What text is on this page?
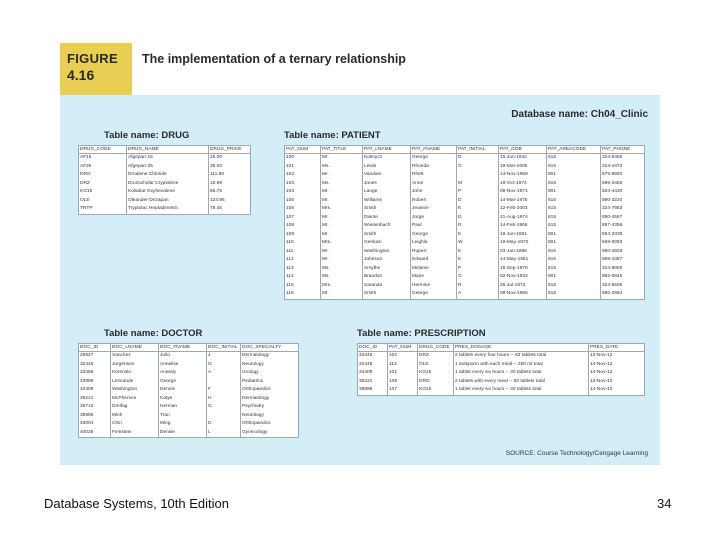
FIGURE
4.16
The implementation of a ternary relationship
Database name: Ch04_Clinic
Table name: DRUG
DRUG_CODE	DRUG_NAME	DRUG_PRICE
AF15	Afgepan-15	25.00
AF25	Afgepan-25	35.00
DRO	Droalene Chloride	111.89
DRZ	Druzocholar Cryptolene	18.99
KO15	Koliabar Oxyhexalene	65.75
OLE	Oleander-Drizapan	123.95
TRYP	Tryptolac Heptadimetric	79.45
Table name: PATIENT
PAT_NUM	PAT_TITLE	PAT_LNAME	PAT_FNAME	PAT_INITIAL	PAT_DOB	PAT_AREACODE	PAT_PHONE
100	Mr.	Kolmycz	George	D	15-Jun-1942	615	324-5456
101	Ms.	Lewis	Rhonda	G	19-Mar-2005	615	324-4472
102	Mr.	Vandam	Rhett		14-Nov-1958	901	675-8993
103	Ms.	Jones	Anne	M	16-Oct-1974	615	898-3456
104	Mr.	Lange	John	P	08-Nov-1971	901	504-4430
105	Mr.	Williams	Robert	D	14-Mar-1975	615	890-3220
106	Mrs.	Smith	Jeanine	K	12-Feb-2003	615	324-7883
107	Mr.	Diante	Jorge	D	21-Aug-1974	615	890-4567
108	Mr.	Wiesenbach	Paul	R	14-Feb-1966	615	897-4358
109	Mr.	Smith	George	K	18-Jun-1961	901	504-3339
110	Mrs.	Genkazi	Leighla	W	19-May-1970	901	569-0093
111	Mr.	Washington	Rupert	E	03-Jan-1966	615	890-4925
112	Mr.	Johnson	Edward	E	14-May-1961	615	898-4387
113	Ms.	Smythe	Melanie	P	15-Sep-1970	615	324-9006
114	Ms.	Brandon	Marie	G	02-Nov-1932	901	882-0845
115	Mrs.	Saranda	Hermine	R	25-Jul-1972	615	324-5505
116	Mr.	Smith	George	A	08-Nov-1965	615	890-2984
Table name: DOCTOR
DOC_ID	DOC_LNAME	DOC_FNAME	DOC_INITIAL	DOC_SPECIALTY
29827	Sanchez	Julio	J	Dermatology
32445	Jorgensen	Annelise	G	Neurology
33456	Korenski	Anatoly	A	Urology
33989	LeGrande	George		Pediatrics
34409	Washington	Dennis	F	Orthopaedics
36221	McPherson	Katye	H	Dermatology
36712	Dreifag	Herman	G	Psychiatry
38995	Minh	Tran		Neurology
40004	Chin	Ming	D	Orthopaedics
40028	Feinstein	Denise	L	Gynecology
Table name: PRESCRIPTION
DOC_ID	PAT_NUM	DRUG_CODE	PRES_DOSAGE	PRES_DATE
32445	102	DRZ	2 tablets every four hours -- 50 tablets total	12-Nov-12
32445	113	OLE	1 teaspoon with each meal -- 250 ml total	14-Nov-12
34409	101	KO15	1 tablet every six hours -- 30 tablets total	14-Nov-12
36221	109	DRO	2 tablets with every meal -- 60 tablets total	12-Nov-12
38995	107	KO15	1 tablet every six hours -- 30 tablets total	14-Nov-12
SOURCE: Course Technology/Cengage Learning
Database Systems, 10th Edition	34
